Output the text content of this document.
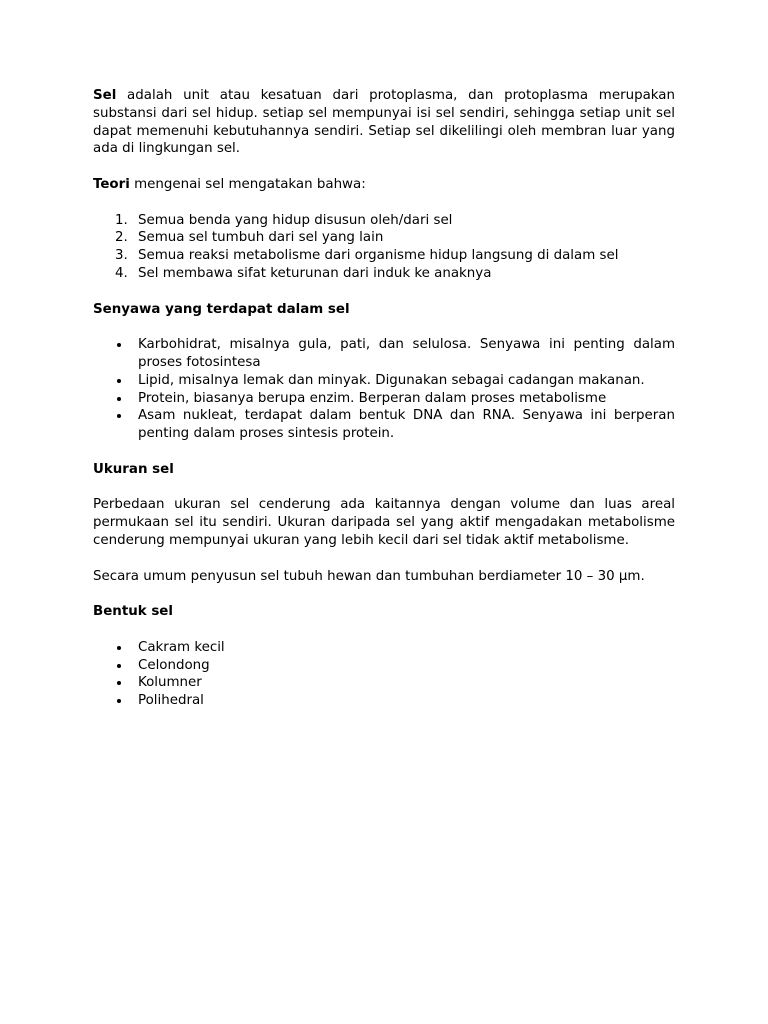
Sel adalah unit atau kesatuan dari protoplasma, dan protoplasma merupakan substansi dari sel hidup. setiap sel mempunyai isi sel sendiri, sehingga setiap unit sel dapat memenuhi kebutuhannya sendiri. Setiap sel dikelilingi oleh membran luar yang ada di lingkungan sel.

Teori mengenai sel mengatakan bahwa:

1. Semua benda yang hidup disusun oleh/dari sel
2. Semua sel tumbuh dari sel yang lain
3. Semua reaksi metabolisme dari organisme hidup langsung di dalam sel
4. Sel membawa sifat keturunan dari induk ke anaknya

Senyawa yang terdapat dalam sel

Karbohidrat, misalnya gula, pati, dan selulosa. Senyawa ini penting dalam proses fotosintesa
Lipid, misalnya lemak dan minyak. Digunakan sebagai cadangan makanan.
Protein, biasanya berupa enzim. Berperan dalam proses metabolisme
Asam nukleat, terdapat dalam bentuk DNA dan RNA. Senyawa ini berperan penting dalam proses sintesis protein.

Ukuran sel

Perbedaan ukuran sel cenderung ada kaitannya dengan volume dan luas areal permukaan sel itu sendiri. Ukuran daripada sel yang aktif mengadakan metabolisme cenderung mempunyai ukuran yang lebih kecil dari sel tidak aktif metabolisme.

Secara umum penyusun sel tubuh hewan dan tumbuhan berdiameter 10 – 30 µm.

Bentuk sel

Cakram kecil
Celondong
Kolumner
Polihedral
